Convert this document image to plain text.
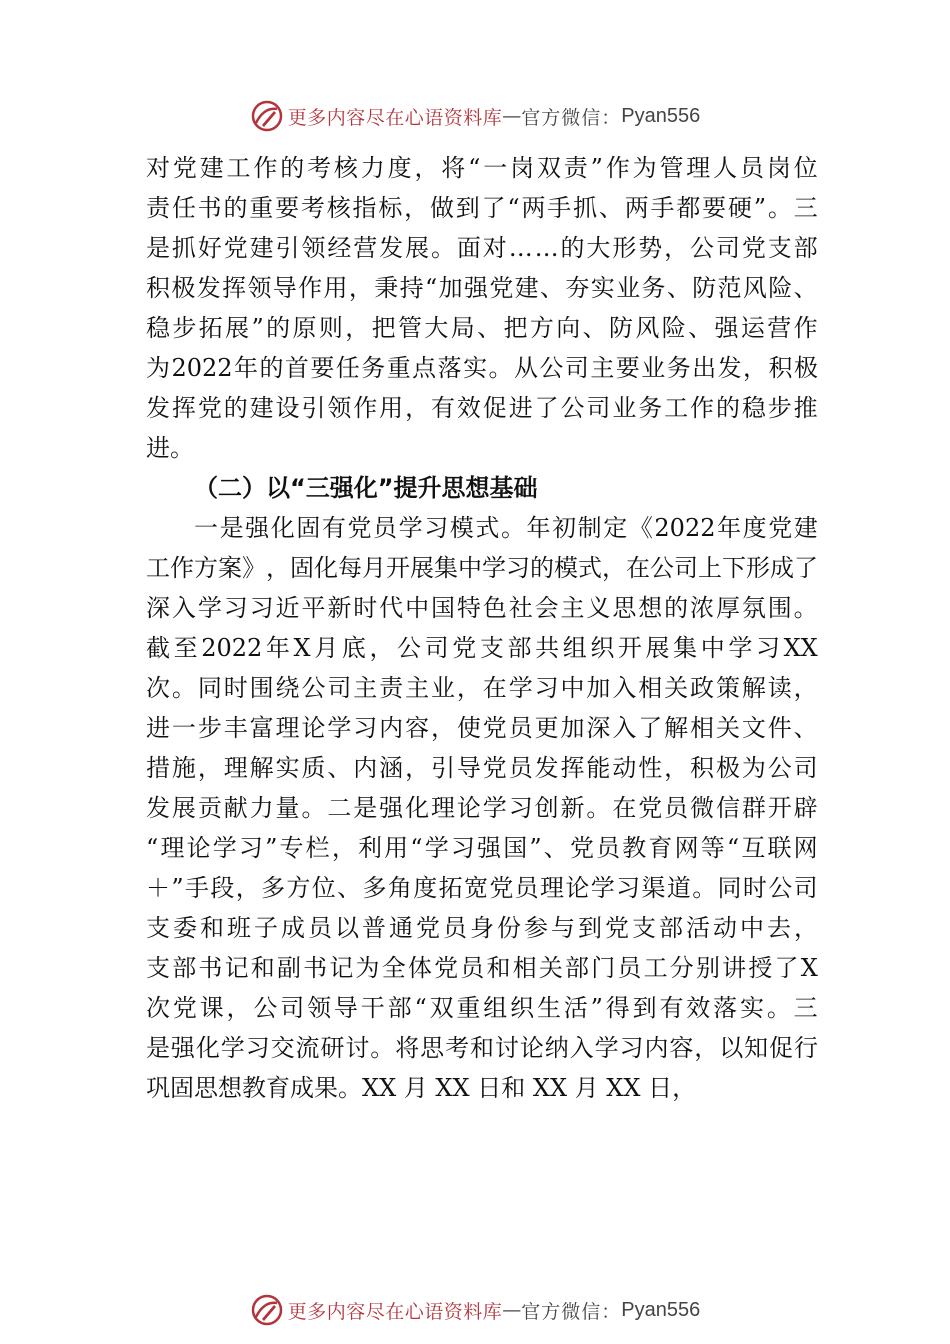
更多内容尽在心语资料库 — 官方微信： Pyan556
对 党 建 工 作 的 考 核 力 度 ， 将 “ 一 岗 双 责 ” 作 为 管 理 人 员 岗 位
责 任 书 的 重 要 考 核 指 标 ， 做 到 了 “ 两 手 抓 、 两 手 都 要 硬 ” 。 三
是 抓 好 党 建 引 领 经 营 发 展 。 面 对 … … 的 大 形 势 ， 公 司 党 支 部
积 极 发 挥 领 导 作 用 ， 秉 持 “ 加 强 党 建 、 夯 实 业 务 、 防 范 风 险 、
稳 步 拓 展 ” 的 原 则 ， 把 管 大 局 、 把 方 向 、 防 风 险 、 强 运 营 作
为 2022 年 的 首 要 任 务 重 点 落 实 。 从 公 司 主 要 业 务 出 发 ， 积 极
发 挥 党 的 建 设 引 领 作 用 ， 有 效 促 进 了 公 司 业 务 工 作 的 稳 步 推
进。
（二）以“三强化”提升思想基础
一 是 强 化 固 有 党 员 学 习 模 式 。 年 初 制 定 《 2022 年 度 党 建
工 作 方 案 》 ， 固 化 每 月 开 展 集 中 学 习 的 模 式 ， 在 公 司 上 下 形 成 了
深 入 学 习 习 近 平 新 时 代 中 国 特 色 社 会 主 义 思 想 的 浓 厚 氛 围 。
截 至 2022 年 X 月 底 ， 公 司 党 支 部 共 组 织 开 展 集 中 学 习 XX
次 。 同 时 围 绕 公 司 主 责 主 业 ， 在 学 习 中 加 入 相 关 政 策 解 读 ，
进 一 步 丰 富 理 论 学 习 内 容 ， 使 党 员 更 加 深 入 了 解 相 关 文 件 、
措 施 ， 理 解 实 质 、 内 涵 ， 引 导 党 员 发 挥 能 动 性 ， 积 极 为 公 司
发 展 贡 献 力 量 。 二 是 强 化 理 论 学 习 创 新 。 在 党 员 微 信 群 开 辟
“ 理 论 学 习 ” 专 栏 ， 利 用 “ 学 习 强 国 ” 、 党 员 教 育 网 等 “ 互 联 网
＋ ” 手 段 ， 多 方 位 、 多 角 度 拓 宽 党 员 理 论 学 习 渠 道 。 同 时 公 司
支 委 和 班 子 成 员 以 普 通 党 员 身 份 参 与 到 党 支 部 活 动 中 去 ，
支 部 书 记 和 副 书 记 为 全 体 党 员 和 相 关 部 门 员 工 分 别 讲 授 了 X
次 党 课 ， 公 司 领 导 干 部 “ 双 重 组 织 生 活 ” 得 到 有 效 落 实 。 三
是 强 化 学 习 交 流 研 讨 。 将 思 考 和 讨 论 纳 入 学 习 内 容 ， 以 知 促 行
巩固思想教育成果。XX 月 XX 日和 XX 月 XX 日，
更多内容尽在心语资料库 — 官方微信： Pyan556
